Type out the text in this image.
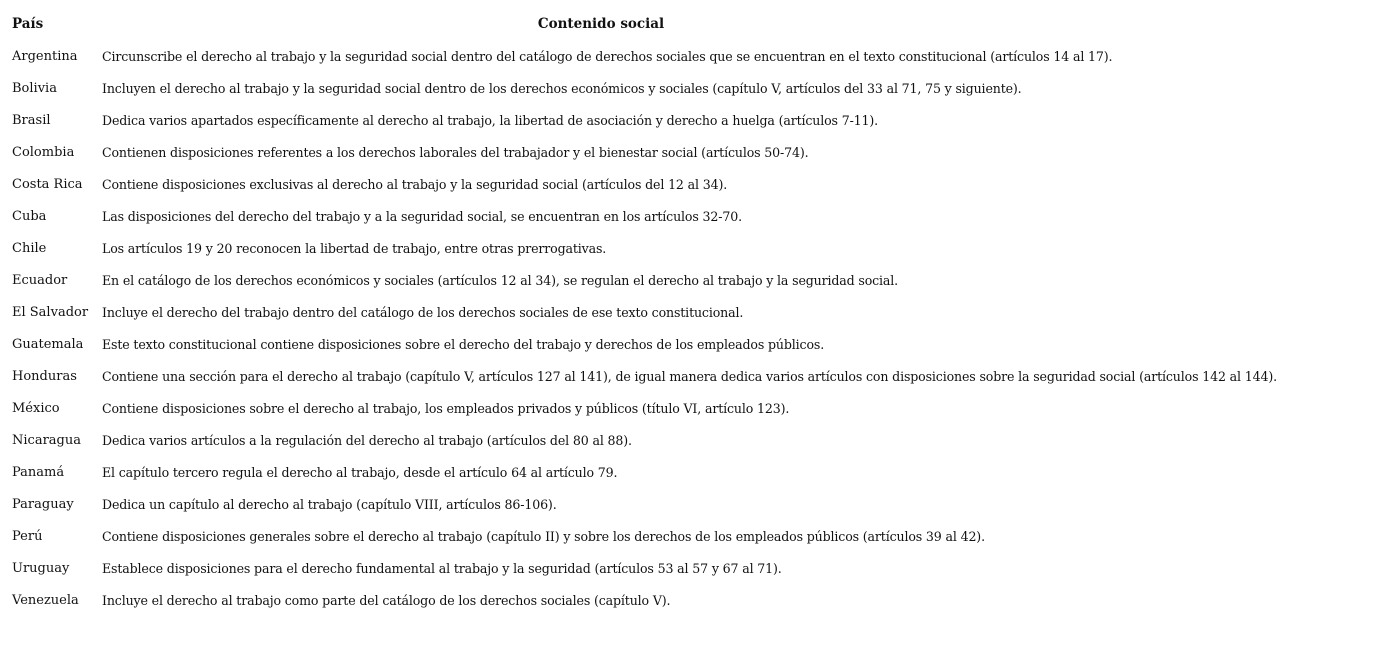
País	Contenido social
Argentina	Circunscribe el derecho al trabajo y la seguridad social dentro del catálogo de derechos sociales que se encuentran en el texto constitucional (artículos 14 al 17).
Bolivia	Incluyen el derecho al trabajo y la seguridad social dentro de los derechos económicos y sociales (capítulo V, artículos del 33 al 71, 75 y siguiente).
Brasil	Dedica varios apartados específicamente al derecho al trabajo, la libertad de asociación y derecho a huelga (artículos 7-11).
Colombia	Contienen disposiciones referentes a los derechos laborales del trabajador y el bienestar social (artículos 50-74).
Costa Rica	Contiene disposiciones exclusivas al derecho al trabajo y la seguridad social (artículos del 12 al 34).
Cuba	Las disposiciones del derecho del trabajo y a la seguridad social, se encuentran en los artículos 32-70.
Chile	Los artículos 19 y 20 reconocen la libertad de trabajo, entre otras prerrogativas.
Ecuador	En el catálogo de los derechos económicos y sociales (artículos 12 al 34), se regulan el derecho al trabajo y la seguridad social.
El Salvador	Incluye el derecho del trabajo dentro del catálogo de los derechos sociales de ese texto constitucional.
Guatemala	Este texto constitucional contiene disposiciones sobre el derecho del trabajo y derechos de los empleados públicos.
Honduras	Contiene una sección para el derecho al trabajo (capítulo V, artículos 127 al 141), de igual manera dedica varios artículos con disposiciones sobre la seguridad social (artículos 142 al 144).
México	Contiene disposiciones sobre el derecho al trabajo, los empleados privados y públicos (título VI, artículo 123).
Nicaragua	Dedica varios artículos a la regulación del derecho al trabajo (artículos del 80 al 88).
Panamá	El capítulo tercero regula el derecho al trabajo, desde el artículo 64 al artículo 79.
Paraguay	Dedica un capítulo al derecho al trabajo (capítulo VIII, artículos 86-106).
Perú	Contiene disposiciones generales sobre el derecho al trabajo (capítulo II) y sobre los derechos de los empleados públicos (artículos 39 al 42).
Uruguay	Establece disposiciones para el derecho fundamental al trabajo y la seguridad (artículos 53 al 57 y 67 al 71).
Venezuela	Incluye el derecho al trabajo como parte del catálogo de los derechos sociales (capítulo V).
